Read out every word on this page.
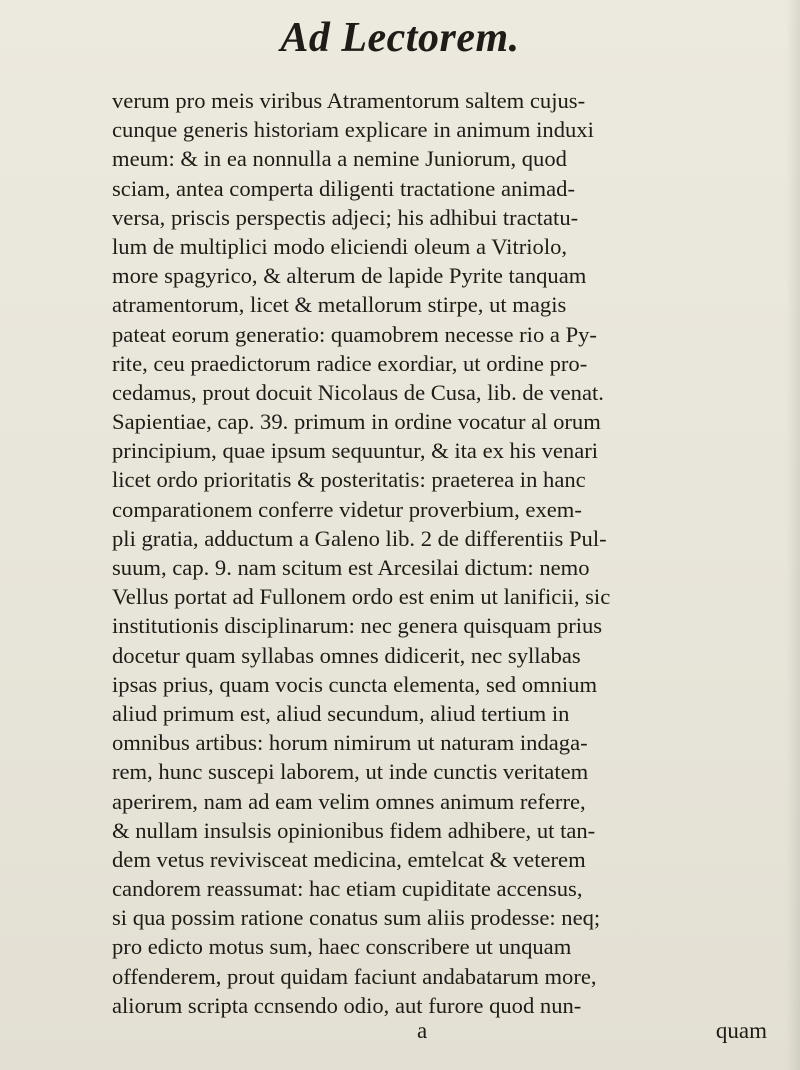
Ad Lectorem.
verum pro meis viribus Atramentorum saltem cujus-
cunque generis historiam explicare in animum induxi
meum: & in ea nonnulla a nemine Juniorum, quod
sciam, antea comperta diligenti tractatione animad-
versa, priscis perspectis adjeci; his adhibui tractatu-
lum de multiplici modo eliciendi oleum a Vitriolo,
more spagyrico, & alterum de lapide Pyrite tanquam
atramentorum, licet & metallorum stirpe, ut magis
pateat eorum generatio: quamobrem necesse rio a Py-
rite, ceu praedictorum radice exordiar, ut ordine pro-
cedamus, prout docuit Nicolaus de Cusa, lib. de venat.
Sapientiae, cap. 39. primum in ordine vocatur al orum
principium, quae ipsum sequuntur, & ita ex his venari
licet ordo prioritatis & posteritatis: praeterea in hanc
comparationem conferre videtur proverbium, exem-
pli gratia, adductum a Galeno lib. 2 de differentiis Pul-
suum, cap. 9. nam scitum est Arcesilai dictum: nemo
Vellus portat ad Fullonem ordo est enim ut lanificii, sic
institutionis disciplinarum: nec genera quisquam prius
docetur quam syllabas omnes didicerit, nec syllabas
ipsas prius, quam vocis cuncta elementa, sed omnium
aliud primum est, aliud secundum, aliud tertium in
omnibus artibus: horum nimirum ut naturam indaga-
rem, hunc suscepi laborem, ut inde cunctis veritatem
aperirem, nam ad eam velim omnes animum referre,
& nullam insulsis opinionibus fidem adhibere, ut tan-
dem vetus revivisceat medicina, emtelcat & veterem
candorem reassumat: hac etiam cupiditate accensus,
si qua possim ratione conatus sum aliis prodesse: neq;
pro edicto motus sum, haec conscribere ut unquam
offenderem, prout quidam faciunt andabatarum more,
aliorum scripta ccnsendo odio, aut furore quod nun-
a	quam
